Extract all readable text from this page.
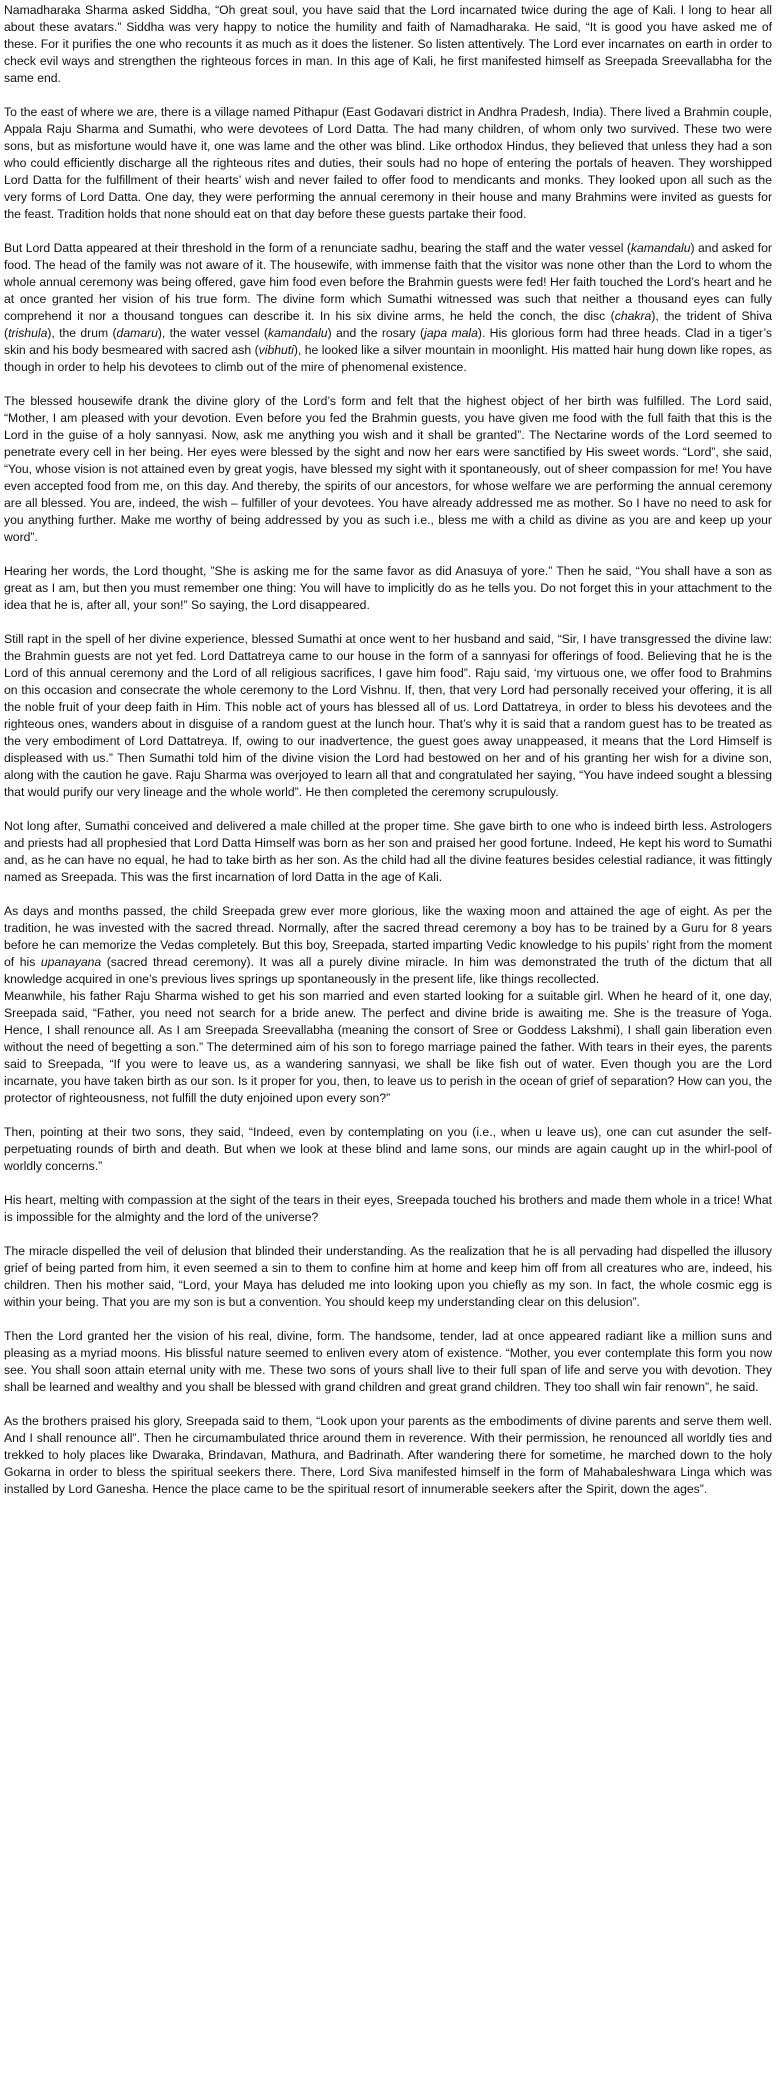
Namadharaka Sharma asked Siddha, “Oh great soul, you have said that the Lord incarnated twice during the age of Kali. I long to hear all about these avatars.” Siddha was very happy to notice the humility and faith of Namadharaka. He said, “It is good you have asked me of these. For it purifies the one who recounts it as much as it does the listener. So listen attentively. The Lord ever incarnates on earth in order to check evil ways and strengthen the righteous forces in man. In this age of Kali, he first manifested himself as Sreepada Sreevallabha for the same end.

To the east of where we are, there is a village named Pithapur (East Godavari district in Andhra Pradesh, India). There lived a Brahmin couple, Appala Raju Sharma and Sumathi, who were devotees of Lord Datta. The had many children, of whom only two survived. These two were sons, but as misfortune would have it, one was lame and the other was blind. Like orthodox Hindus, they believed that unless they had a son who could efficiently discharge all the righteous rites and duties, their souls had no hope of entering the portals of heaven. They worshipped Lord Datta for the fulfillment of their hearts’ wish and never failed to offer food to mendicants and monks. They looked upon all such as the very forms of Lord Datta. One day, they were performing the annual ceremony in their house and many Brahmins were invited as guests for the feast. Tradition holds that none should eat on that day before these guests partake their food.

But Lord Datta appeared at their threshold in the form of a renunciate sadhu, bearing the staff and the water vessel (kamandalu) and asked for food. The head of the family was not aware of it. The housewife, with immense faith that the visitor was none other than the Lord to whom the whole annual ceremony was being offered, gave him food even before the Brahmin guests were fed! Her faith touched the Lord’s heart and he at once granted her vision of his true form. The divine form which Sumathi witnessed was such that neither a thousand eyes can fully comprehend it nor a thousand tongues can describe it. In his six divine arms, he held the conch, the disc (chakra), the trident of Shiva (trishula), the drum (damaru), the water vessel (kamandalu) and the rosary (japa mala). His glorious form had three heads. Clad in a tiger’s skin and his body besmeared with sacred ash (vibhuti), he looked like a silver mountain in moonlight. His matted hair hung down like ropes, as though in order to help his devotees to climb out of the mire of phenomenal existence.

The blessed housewife drank the divine glory of the Lord’s form and felt that the highest object of her birth was fulfilled. The Lord said, “Mother, I am pleased with your devotion. Even before you fed the Brahmin guests, you have given me food with the full faith that this is the Lord in the guise of a holy sannyasi. Now, ask me anything you wish and it shall be granted”. The Nectarine words of the Lord seemed to penetrate every cell in her being. Her eyes were blessed by the sight and now her ears were sanctified by His sweet words. “Lord”, she said, “You, whose vision is not attained even by great yogis, have blessed my sight with it spontaneously, out of sheer compassion for me! You have even accepted food from me, on this day. And thereby, the spirits of our ancestors, for whose welfare we are performing the annual ceremony are all blessed. You are, indeed, the wish – fulfiller of your devotees. You have already addressed me as mother. So I have no need to ask for you anything further. Make me worthy of being addressed by you as such i.e., bless me with a child as divine as you are and keep up your word”.

Hearing her words, the Lord thought, ”She is asking me for the same favor as did Anasuya of yore.” Then he said, “You shall have a son as great as I am, but then you must remember one thing: You will have to implicitly do as he tells you. Do not forget this in your attachment to the idea that he is, after all, your son!” So saying, the Lord disappeared.

Still rapt in the spell of her divine experience, blessed Sumathi at once went to her husband and said, “Sir, I have transgressed the divine law: the Brahmin guests are not yet fed. Lord Dattatreya came to our house in the form of a sannyasi for offerings of food. Believing that he is the Lord of this annual ceremony and the Lord of all religious sacrifices, I gave him food”. Raju said, ‘my virtuous one, we offer food to Brahmins on this occasion and consecrate the whole ceremony to the Lord Vishnu. If, then, that very Lord had personally received your offering, it is all the noble fruit of your deep faith in Him. This noble act of yours has blessed all of us. Lord Dattatreya, in order to bless his devotees and the righteous ones, wanders about in disguise of a random guest at the lunch hour. That’s why it is said that a random guest has to be treated as the very embodiment of Lord Dattatreya. If, owing to our inadvertence, the guest goes away unappeased, it means that the Lord Himself is displeased with us.” Then Sumathi told him of the divine vision the Lord had bestowed on her and of his granting her wish for a divine son, along with the caution he gave. Raju Sharma was overjoyed to learn all that and congratulated her saying, “You have indeed sought a blessing that would purify our very lineage and the whole world”. He then completed the ceremony scrupulously.

Not long after, Sumathi conceived and delivered a male chilled at the proper time. She gave birth to one who is indeed birth less. Astrologers and priests had all prophesied that Lord Datta Himself was born as her son and praised her good fortune. Indeed, He kept his word to Sumathi and, as he can have no equal, he had to take birth as her son. As the child had all the divine features besides celestial radiance, it was fittingly named as Sreepada. This was the first incarnation of lord Datta in the age of Kali.

As days and months passed, the child Sreepada grew ever more glorious, like the waxing moon and attained the age of eight. As per the tradition, he was invested with the sacred thread. Normally, after the sacred thread ceremony a boy has to be trained by a Guru for 8 years before he can memorize the Vedas completely. But this boy, Sreepada, started imparting Vedic knowledge to his pupils’ right from the moment of his upanayana (sacred thread ceremony). It was all a purely divine miracle. In him was demonstrated the truth of the dictum that all knowledge acquired in one’s previous lives springs up spontaneously in the present life, like things recollected.

Meanwhile, his father Raju Sharma wished to get his son married and even started looking for a suitable girl. When he heard of it, one day, Sreepada said, “Father, you need not search for a bride anew. The perfect and divine bride is awaiting me. She is the treasure of Yoga. Hence, I shall renounce all. As I am Sreepada Sreevallabha (meaning the consort of Sree or Goddess Lakshmi), I shall gain liberation even without the need of begetting a son.” The determined aim of his son to forego marriage pained the father. With tears in their eyes, the parents said to Sreepada, “If you were to leave us, as a wandering sannyasi, we shall be like fish out of water. Even though you are the Lord incarnate, you have taken birth as our son. Is it proper for you, then, to leave us to perish in the ocean of grief of separation? How can you, the protector of righteousness, not fulfill the duty enjoined upon every son?”

Then, pointing at their two sons, they said, “Indeed, even by contemplating on you (i.e., when u leave us), one can cut asunder the self-perpetuating rounds of birth and death. But when we look at these blind and lame sons, our minds are again caught up in the whirl-pool of worldly concerns.”

His heart, melting with compassion at the sight of the tears in their eyes, Sreepada touched his brothers and made them whole in a trice! What is impossible for the almighty and the lord of the universe?

The miracle dispelled the veil of delusion that blinded their understanding. As the realization that he is all pervading had dispelled the illusory grief of being parted from him, it even seemed a sin to them to confine him at home and keep him off from all creatures who are, indeed, his children. Then his mother said, “Lord, your Maya has deluded me into looking upon you chiefly as my son. In fact, the whole cosmic egg is within your being. That you are my son is but a convention. You should keep my understanding clear on this delusion”.

Then the Lord granted her the vision of his real, divine, form. The handsome, tender, lad at once appeared radiant like a million suns and pleasing as a myriad moons. His blissful nature seemed to enliven every atom of existence. “Mother, you ever contemplate this form you now see. You shall soon attain eternal unity with me. These two sons of yours shall live to their full span of life and serve you with devotion. They shall be learned and wealthy and you shall be blessed with grand children and great grand children. They too shall win fair renown”, he said.

As the brothers praised his glory, Sreepada said to them, “Look upon your parents as the embodiments of divine parents and serve them well. And I shall renounce all”. Then he circumambulated thrice around them in reverence. With their permission, he renounced all worldly ties and trekked to holy places like Dwaraka, Brindavan, Mathura, and Badrinath. After wandering there for sometime, he marched down to the holy Gokarna in order to bless the spiritual seekers there. There, Lord Siva manifested himself in the form of Mahabaleshwara Linga which was installed by Lord Ganesha. Hence the place came to be the spiritual resort of innumerable seekers after the Spirit, down the ages”.
